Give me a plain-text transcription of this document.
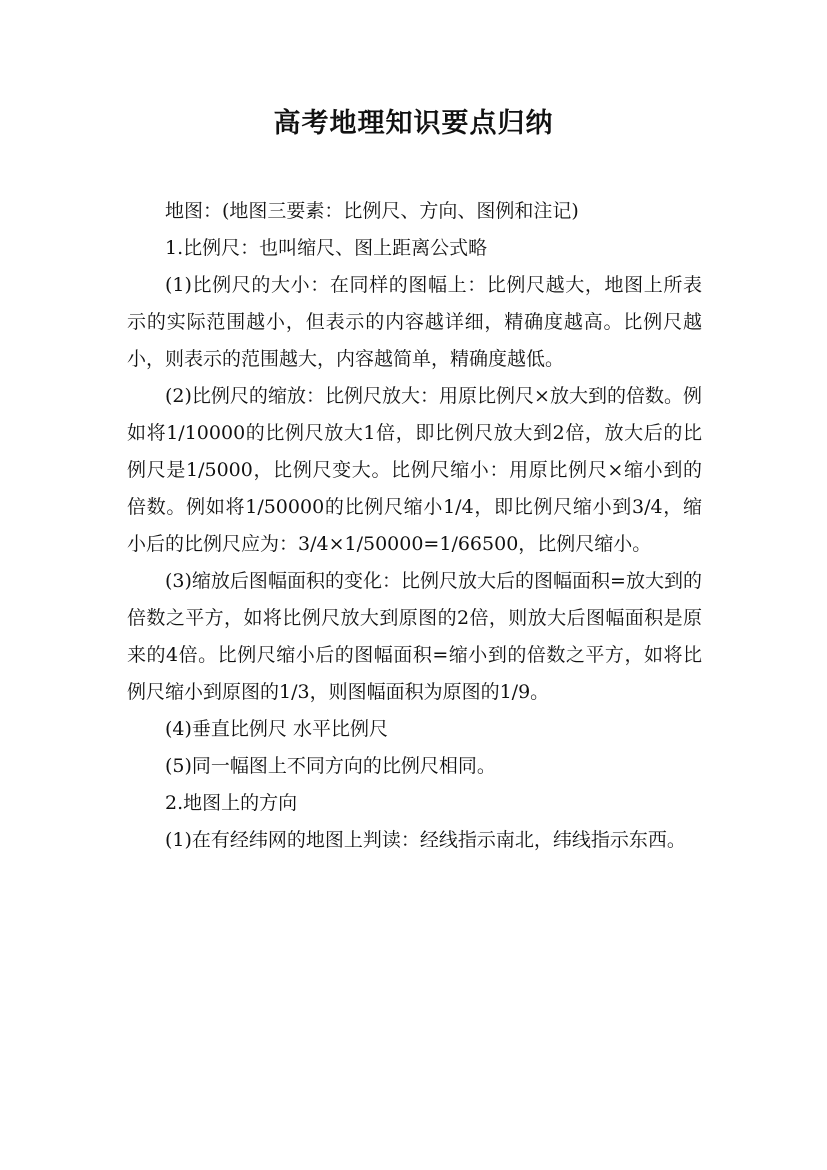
高考地理知识要点归纳

地图：(地图三要素：比例尺、方向、图例和注记)

1.比例尺：也叫缩尺、图上距离公式略

(1)比例尺的大小：在同样的图幅上：比例尺越大，地图上所表示的实际范围越小，但表示的内容越详细，精确度越高。比例尺越小，则表示的范围越大，内容越简单，精确度越低。

(2)比例尺的缩放：比例尺放大：用原比例尺×放大到的倍数。例如将1/10000的比例尺放大1倍，即比例尺放大到2倍，放大后的比例尺是1/5000，比例尺变大。比例尺缩小：用原比例尺×缩小到的倍数。例如将1/50000的比例尺缩小1/4，即比例尺缩小到3/4，缩小后的比例尺应为：3/4×1/50000=1/66500，比例尺缩小。

(3)缩放后图幅面积的变化：比例尺放大后的图幅面积=放大到的倍数之平方，如将比例尺放大到原图的2倍，则放大后图幅面积是原来的4倍。比例尺缩小后的图幅面积=缩小到的倍数之平方，如将比例尺缩小到原图的1/3，则图幅面积为原图的1/9。

(4)垂直比例尺 水平比例尺

(5)同一幅图上不同方向的比例尺相同。

2.地图上的方向

(1)在有经纬网的地图上判读：经线指示南北，纬线指示东西。
